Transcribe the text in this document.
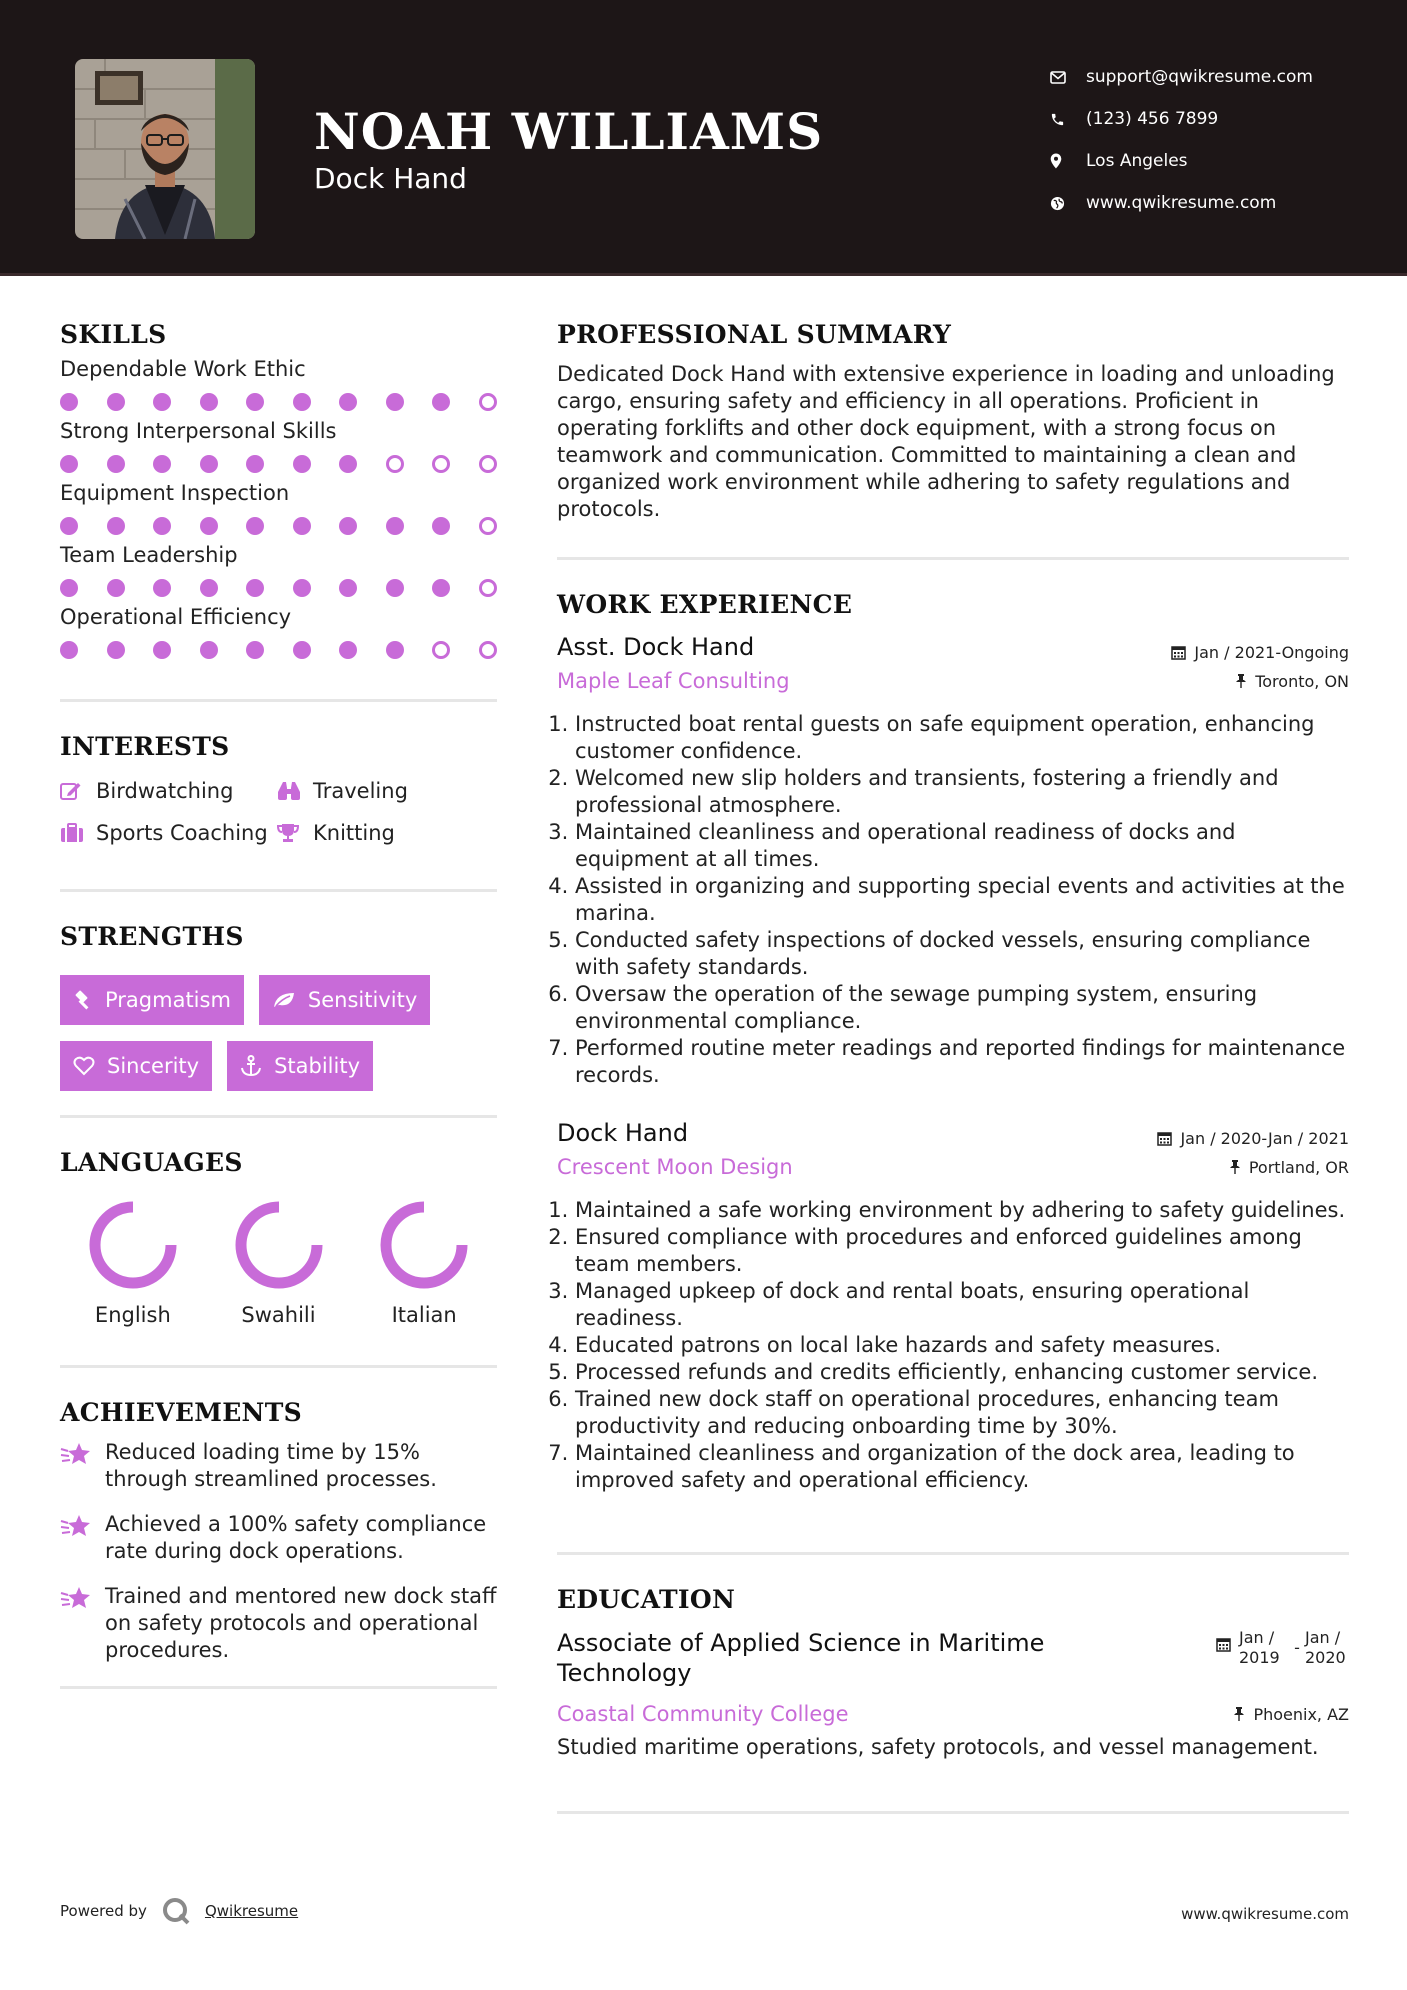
NOAH WILLIAMS
Dock Hand
support@qwikresume.com
(123) 456 7899
Los Angeles
www.qwikresume.com
SKILLS
Dependable Work Ethic
Strong Interpersonal Skills
Equipment Inspection
Team Leadership
Operational Efficiency
INTERESTS
Birdwatching	Traveling
Sports Coaching Knitting
STRENGTHS
Pragmatism	Sensitivity
Sincerity	Stability
LANGUAGES
English	Swahili	Italian
ACHIEVEMENTS
Reduced loading time by 15% through streamlined processes.
Achieved a 100% safety compliance rate during dock operations.
Trained and mentored new dock staff on safety protocols and operational procedures.
PROFESSIONAL SUMMARY
Dedicated Dock Hand with extensive experience in loading and unloading cargo, ensuring safety and efficiency in all operations. Proficient in operating forklifts and other dock equipment, with a strong focus on teamwork and communication. Committed to maintaining a clean and organized work environment while adhering to safety regulations and protocols.
WORK EXPERIENCE
Asst. Dock Hand	Jan / 2021-Ongoing
Maple Leaf Consulting	Toronto, ON
1. Instructed boat rental guests on safe equipment operation, enhancing customer confidence.
2. Welcomed new slip holders and transients, fostering a friendly and professional atmosphere.
3. Maintained cleanliness and operational readiness of docks and equipment at all times.
4. Assisted in organizing and supporting special events and activities at the marina.
5. Conducted safety inspections of docked vessels, ensuring compliance with safety standards.
6. Oversaw the operation of the sewage pumping system, ensuring environmental compliance.
7. Performed routine meter readings and reported findings for maintenance records.
Dock Hand	Jan / 2020-Jan / 2021
Crescent Moon Design	Portland, OR
1. Maintained a safe working environment by adhering to safety guidelines.
2. Ensured compliance with procedures and enforced guidelines among team members.
3. Managed upkeep of dock and rental boats, ensuring operational readiness.
4. Educated patrons on local lake hazards and safety measures.
5. Processed refunds and credits efficiently, enhancing customer service.
6. Trained new dock staff on operational procedures, enhancing team productivity and reducing onboarding time by 30%.
7. Maintained cleanliness and organization of the dock area, leading to improved safety and operational efficiency.
EDUCATION
Associate of Applied Science in Maritime Technology
Jan / 2019
-
Jan / 2020
Coastal Community College	Phoenix, AZ
Studied maritime operations, safety protocols, and vessel management.
Powered by	Qwikresume	www.qwikresume.com
